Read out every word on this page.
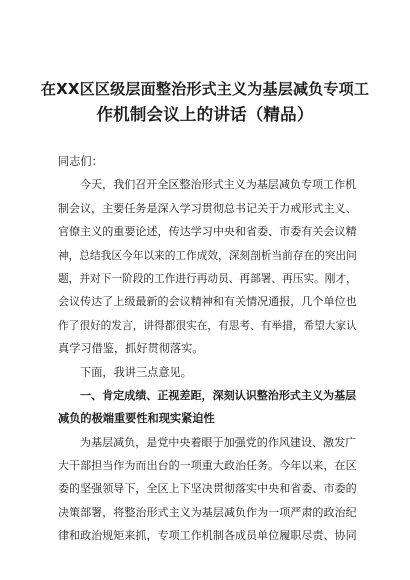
在XX区区级层面整治形式主义为基层减负专项工
作机制会议上的讲话（精品）
同志们：
今天，我们召开全区整治形式主义为基层减负专项工作机
制会议，主要任务是深入学习贯彻总书记关于力戒形式主义、
官僚主义的重要论述，传达学习中央和省委、市委有关会议精
神，总结我区今年以来的工作成效，深刻剖析当前存在的突出问
题，并对下一阶段的工作进行再动员、再部署、再压实。刚才，
会议传达了上级最新的会议精神和有关情况通报，几个单位也
作了很好的发言，讲得都很实在，有思考、有举措，希望大家认
真学习借鉴，抓好贯彻落实。
下面，我讲三点意见。
一、肯定成绩、正视差距，深刻认识整治形式主义为基层
减负的极端重要性和现实紧迫性
为基层减负，是党中央着眼于加强党的作风建设、激发广
大干部担当作为而出台的一项重大政治任务。今年以来，在区
委的坚强领导下，全区上下坚决贯彻落实中央和省委、市委的
决策部署，将整治形式主义为基层减负作为一项严肃的政治纪
律和政治规矩来抓，专项工作机制各成员单位履职尽责、协同
